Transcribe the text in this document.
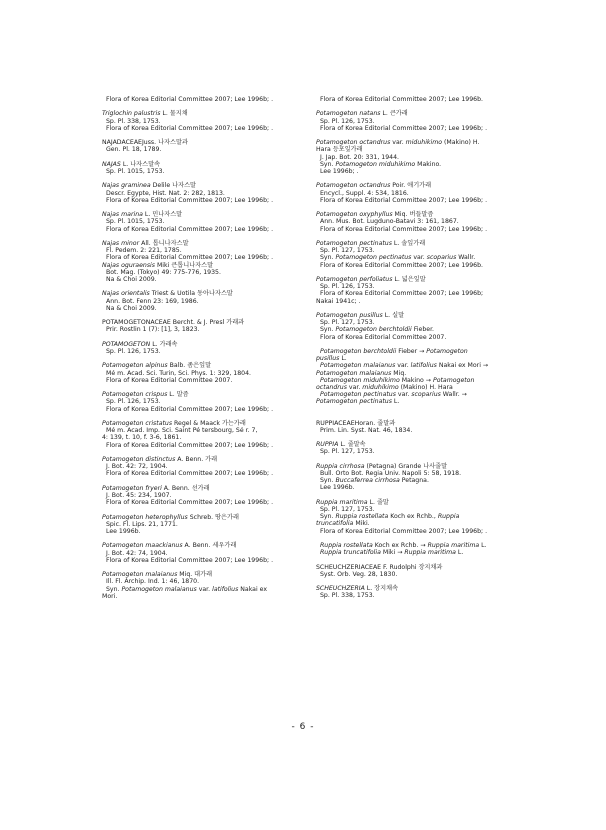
Flora of Korea Editorial Committee 2007; Lee 1996b; .
Triglochin palustris L. 물지채
Sp. Pl. 338, 1753.
Flora of Korea Editorial Committee 2007; Lee 1996b; .
NAJADACEAEJuss. 나자스말과
Gen. Pl. 18, 1789.
NAJAS L. 나자스말속
Sp. Pl. 1015, 1753.
Najas graminea Delile 나자스말
Descr. Egypte, Hist. Nat. 2: 282, 1813.
Flora of Korea Editorial Committee 2007; Lee 1996b; .
Najas marina L. 민나자스말
Sp. Pl. 1015, 1753.
Flora of Korea Editorial Committee 2007; Lee 1996b; .
Najas minor All. 톱니나자스말
Fl. Pedem. 2: 221, 1785.
Flora of Korea Editorial Committee 2007; Lee 1996b; .
Najas oguraensis Miki 큰톱니나자스말
Bot. Mag. (Tokyo) 49: 775-776, 1935.
Na & Choi 2009.
Najas orientalis Triest & Uotila 동아나자스말
Ann. Bot. Fenn 23: 169, 1986.
Na & Choi 2009.
POTAMOGETONACEAE Bercht. & J. Presl 가래과
Prir. Rostlin 1 (7): [1], 3, 1823.
POTAMOGETON L. 가래속
Sp. Pl. 126, 1753.
Potamogeton alpinus Balb. 좀은잎말
Mé m. Acad. Sci. Turin, Sci. Phys. 1: 329, 1804.
Flora of Korea Editorial Committee 2007.
Potamogeton crispus L. 말즘
Sp. Pl. 126, 1753.
Flora of Korea Editorial Committee 2007; Lee 1996b; .
Potamogeton cristatus Regel & Maack 가는가래
Mé m. Acad. Imp. Sci. Saint Pé tersbourg, Sé r. 7,
4: 139, t. 10, f. 3-6, 1861.
Flora of Korea Editorial Committee 2007; Lee 1996b; .
Potamogeton distinctus A. Benn. 가래
J. Bot. 42: 72, 1904.
Flora of Korea Editorial Committee 2007; Lee 1996b; .
Potamogeton fryeri A. Benn. 선가래
J. Bot. 45: 234, 1907.
Flora of Korea Editorial Committee 2007; Lee 1996b; .
Potamogeton heterophyllus Schreb. 땅은가래
Spic. Fl. Lips. 21, 1771.
Lee 1996b.
Potamogeton maackianus A. Benn. 세우가래
J. Bot. 42: 74, 1904.
Flora of Korea Editorial Committee 2007; Lee 1996b; .
Potamogeton malaianus Miq. 대가래
Ill. Fl. Archip. Ind. 1: 46, 1870.
Syn. Potamogeton malaianus var. latifolius Nakai ex
Mori.
Flora of Korea Editorial Committee 2007; Lee 1996b.
Potamogeton natans L. 큰가래
Sp. Pl. 126, 1753.
Flora of Korea Editorial Committee 2007; Lee 1996b; .
Potamogeton octandrus var. miduhikimo (Makino) H.
Hara 등포잎가래
J. Jap. Bot. 20: 331, 1944.
Syn. Potamogeton miduhikimo Makino.
Lee 1996b; .
Potamogeton octandrus Poir. 애기가래
Encycl., Suppl. 4: 534, 1816.
Flora of Korea Editorial Committee 2007; Lee 1996b; .
Potamogeton oxyphyllus Miq. 버들말즘
Ann. Mus. Bot. Lugduno-Batavi 3: 161, 1867.
Flora of Korea Editorial Committee 2007; Lee 1996b; .
Potamogeton pectinatus L. 솔잎가래
Sp. Pl. 127, 1753.
Syn. Potamogeton pectinatus var. scoparius Wallr.
Flora of Korea Editorial Committee 2007; Lee 1996b.
Potamogeton perfoliatus L. 넓은잎말
Sp. Pl. 126, 1753.
Flora of Korea Editorial Committee 2007; Lee 1996b;
Nakai 1941c; .
Potamogeton pusillus L. 실말
Sp. Pl. 127, 1753.
Syn. Potamogeton berchtoldii Fieber.
Flora of Korea Editorial Committee 2007.
Potamogeton berchtoldii Fieber → Potamogeton
pusillus L.
Potamogeton malaianus var. latifolius Nakai ex Mori →
Potamogeton malaianus Miq.
Potamogeton miduhikimo Makino → Potamogeton
octandrus var. miduhikimo (Makino) H. Hara
Potamogeton pectinatus var. scoparius Wallr. →
Potamogeton pectinatus L.
RUPPIACEAEHoran. 줄말과
Prim. Lin. Syst. Nat. 46, 1834.
RUPPIA L. 줄말속
Sp. Pl. 127, 1753.
Ruppia cirrhosa (Petagna) Grande 나사줄말
Bull. Orto Bot. Regia Univ. Napoli 5: 58, 1918.
Syn. Buccaferrea cirrhosa Petagna.
Lee 1996b.
Ruppia maritima L. 줄말
Sp. Pl. 127, 1753.
Syn. Ruppia rostellata Koch ex Rchb., Ruppia
truncatifolia Miki.
Flora of Korea Editorial Committee 2007; Lee 1996b; .
Ruppia rostellata Koch ex Rchb. → Ruppia maritima L.
Ruppia truncatifolia Miki → Ruppia maritima L.
SCHEUCHZERIACEAE F. Rudolphi 장지채과
Syst. Orb. Veg. 28, 1830.
SCHEUCHZERIA L. 장지채속
Sp. Pl. 338, 1753.
- 6 -
